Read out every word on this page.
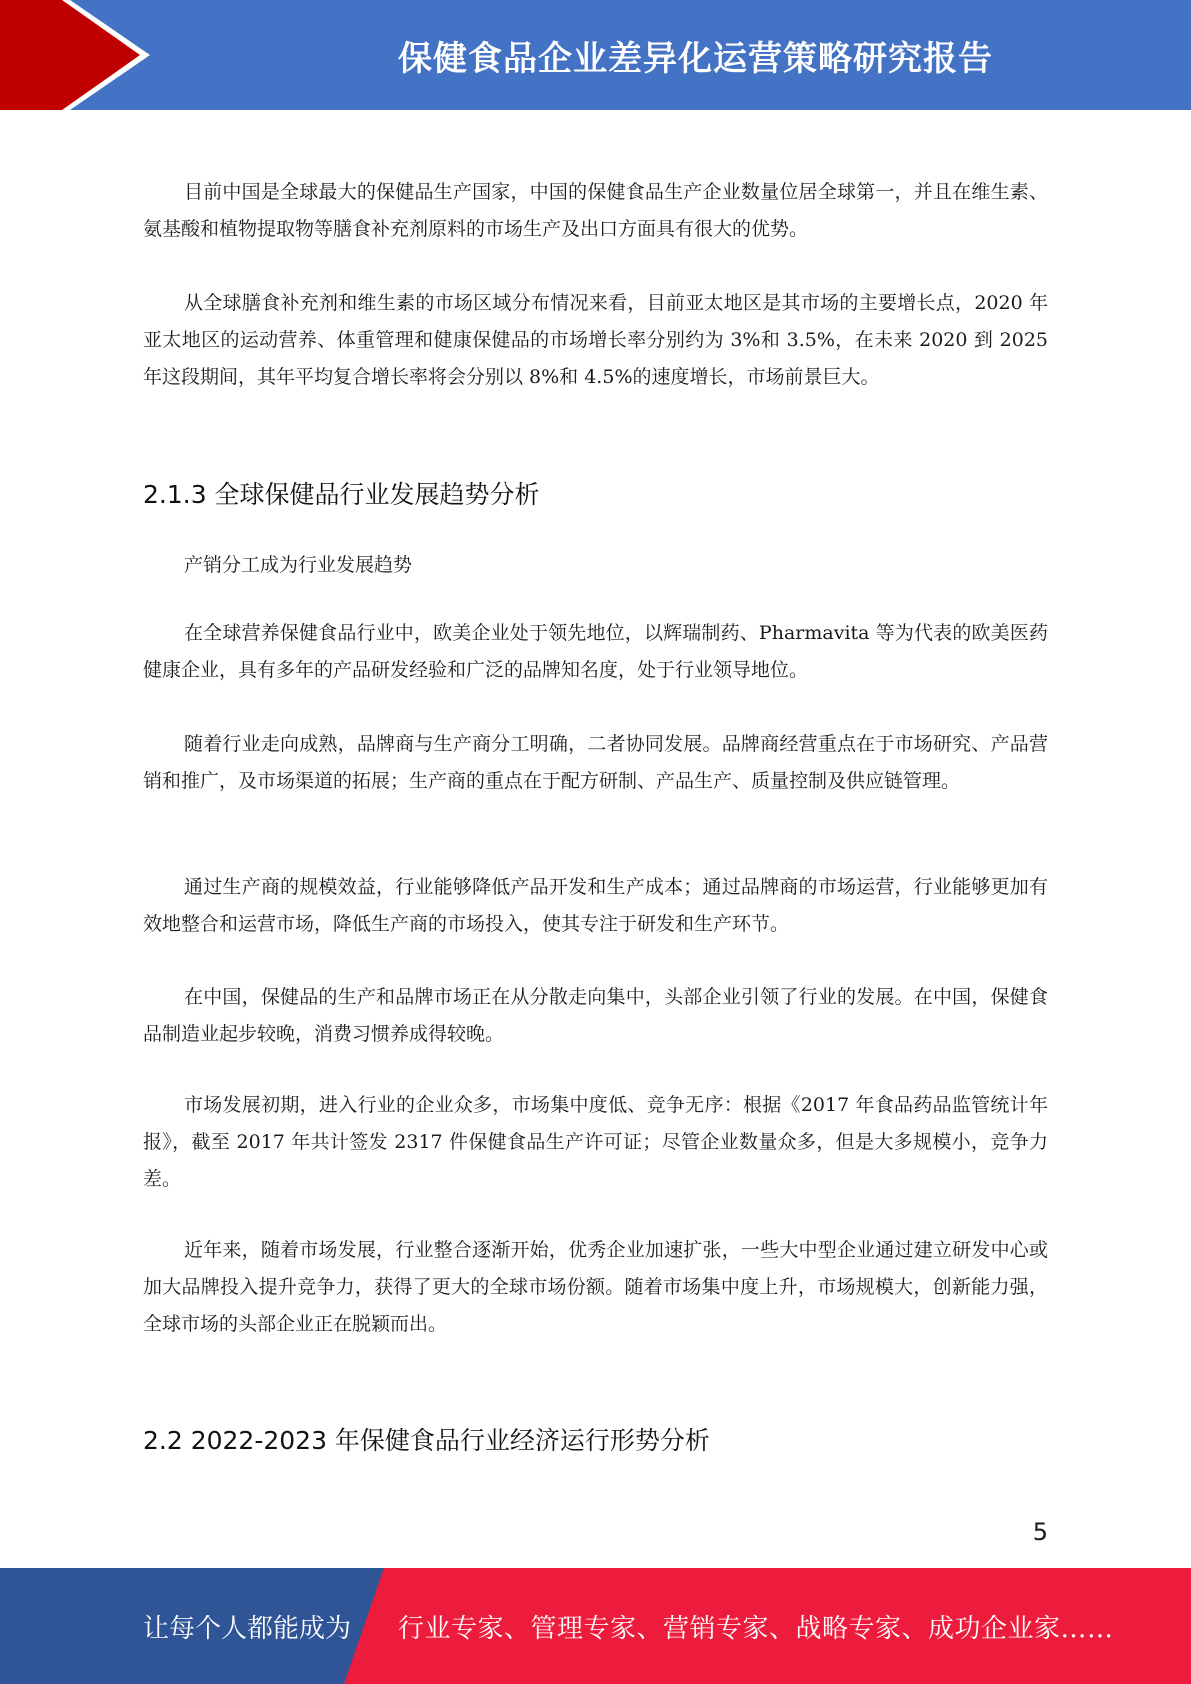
保健食品企业差异化运营策略研究报告

目前中国是全球最大的保健品生产国家，中国的保健食品生产企业数量位居全球第一，并且在维生素、氨基酸和植物提取物等膳食补充剂原料的市场生产及出口方面具有很大的优势。

从全球膳食补充剂和维生素的市场区域分布情况来看，目前亚太地区是其市场的主要增长点，2020 年亚太地区的运动营养、体重管理和健康保健品的市场增长率分别约为 3%和 3.5%，在未来 2020 到 2025 年这段期间，其年平均复合增长率将会分别以 8%和 4.5%的速度增长，市场前景巨大。

2.1.3 全球保健品行业发展趋势分析

产销分工成为行业发展趋势

在全球营养保健食品行业中，欧美企业处于领先地位，以辉瑞制药、Pharmavita 等为代表的欧美医药健康企业，具有多年的产品研发经验和广泛的品牌知名度，处于行业领导地位。

随着行业走向成熟，品牌商与生产商分工明确，二者协同发展。品牌商经营重点在于市场研究、产品营销和推广，及市场渠道的拓展；生产商的重点在于配方研制、产品生产、质量控制及供应链管理。

通过生产商的规模效益，行业能够降低产品开发和生产成本；通过品牌商的市场运营，行业能够更加有效地整合和运营市场，降低生产商的市场投入，使其专注于研发和生产环节。

在中国，保健品的生产和品牌市场正在从分散走向集中，头部企业引领了行业的发展。在中国，保健食品制造业起步较晚，消费习惯养成得较晚。

市场发展初期，进入行业的企业众多，市场集中度低、竞争无序：根据《2017 年食品药品监管统计年报》，截至 2017 年共计签发 2317 件保健食品生产许可证；尽管企业数量众多，但是大多规模小，竞争力差。

近年来，随着市场发展，行业整合逐渐开始，优秀企业加速扩张，一些大中型企业通过建立研发中心或加大品牌投入提升竞争力，获得了更大的全球市场份额。随着市场集中度上升，市场规模大，创新能力强，全球市场的头部企业正在脱颖而出。

2.2 2022-2023 年保健食品行业经济运行形势分析
5
让每个人都能成为 行业专家、管理专家、营销专家、战略专家、成功企业家……
